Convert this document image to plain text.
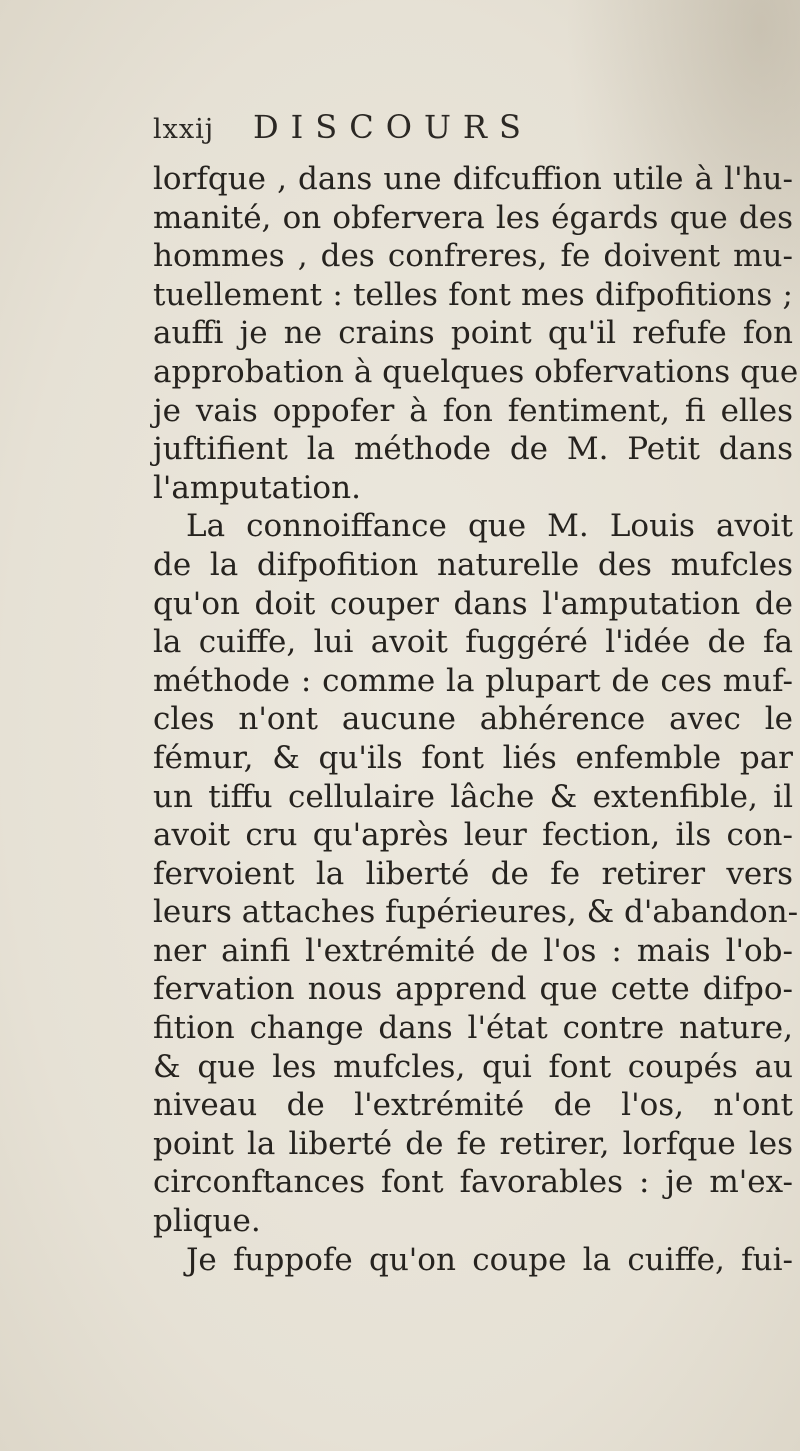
lxxij DISCOURS
lorfque , dans une difcuffion utile à l'hu-
manité, on obfervera les égards que des
hommes , des confreres, fe doivent mu-
tuellement : telles font mes difpofitions ;
auffi je ne crains point qu'il refufe fon
approbation à quelques obfervations que
je vais oppofer à fon fentiment, fi elles
juftifient la méthode de M. Petit dans
l'amputation.
La connoiffance que M. Louis avoit
de la difpofition naturelle des mufcles
qu'on doit couper dans l'amputation de
la cuiffe, lui avoit fuggéré l'idée de fa
méthode : comme la plupart de ces muf-
cles n'ont aucune abhérence avec le
fémur, & qu'ils font liés enfemble par
un tiffu cellulaire lâche & extenfible, il
avoit cru qu'après leur fection, ils con-
fervoient la liberté de fe retirer vers
leurs attaches fupérieures, & d'abandon-
ner ainfi l'extrémité de l'os : mais l'ob-
fervation nous apprend que cette difpo-
fition change dans l'état contre nature,
& que les mufcles, qui font coupés au
niveau de l'extrémité de l'os, n'ont
point la liberté de fe retirer, lorfque les
circonftances font favorables : je m'ex-
plique.
Je fuppofe qu'on coupe la cuiffe, fui-
